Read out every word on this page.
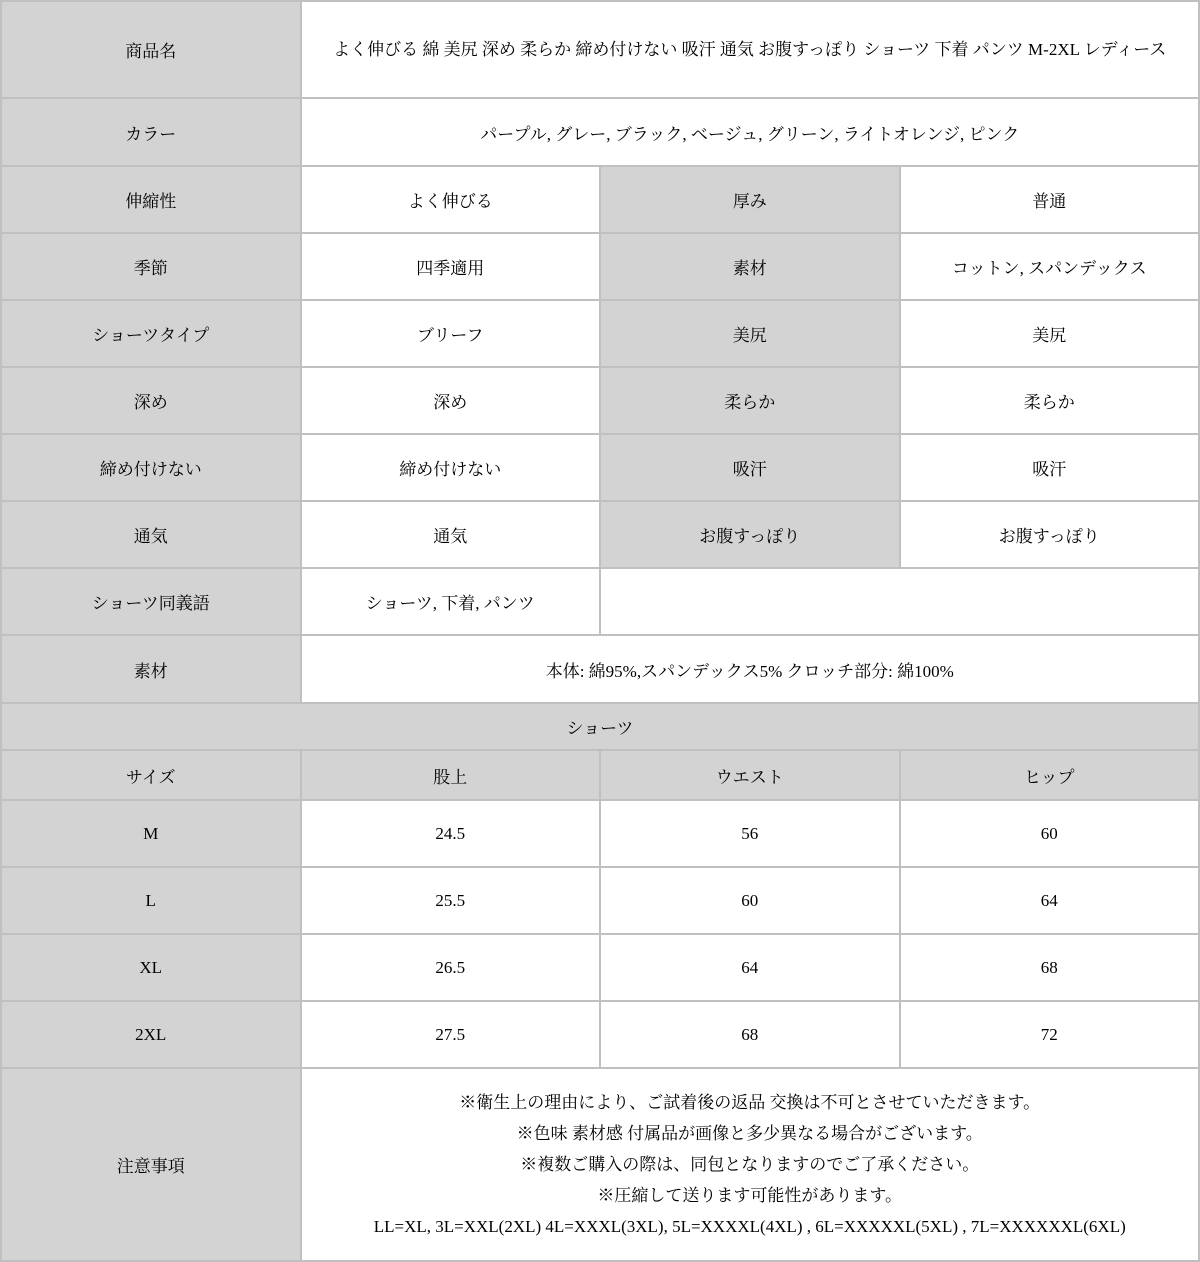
商品名	よく伸びる 綿 美尻 深め 柔らか 締め付けない 吸汗 通気 お腹すっぽり ショーツ 下着 パンツ M-2XL レディース		
カラー	パープル, グレー, ブラック, ベージュ, グリーン, ライトオレンジ, ピンク		
伸縮性	よく伸びる	厚み	普通
季節	四季適用	素材	コットン, スパンデックス
ショーツタイプ	ブリーフ	美尻	美尻
深め	深め	柔らか	柔らか
締め付けない	締め付けない	吸汗	吸汗
通気	通気	お腹すっぽり	お腹すっぽり
ショーツ同義語	ショーツ, 下着, パンツ		
素材	本体: 綿95%,スパンデックス5% クロッチ部分: 綿100%		
ショーツ			
サイズ	股上	ウエスト	ヒップ
M	24.5	56	60
L	25.5	60	64
XL	26.5	64	68
2XL	27.5	68	72
注意事項	※衛生上の理由により、ご試着後の返品 交換は不可とさせていただきます。
※色味 素材感 付属品が画像と多少異なる場合がございます。
※複数ご購入の際は、同包となりますのでご了承ください。
※圧縮して送ります可能性があります。
LL=XL, 3L=XXL(2XL) 4L=XXXL(3XL), 5L=XXXXL(4XL) , 6L=XXXXXL(5XL) , 7L=XXXXXXL(6XL)		
